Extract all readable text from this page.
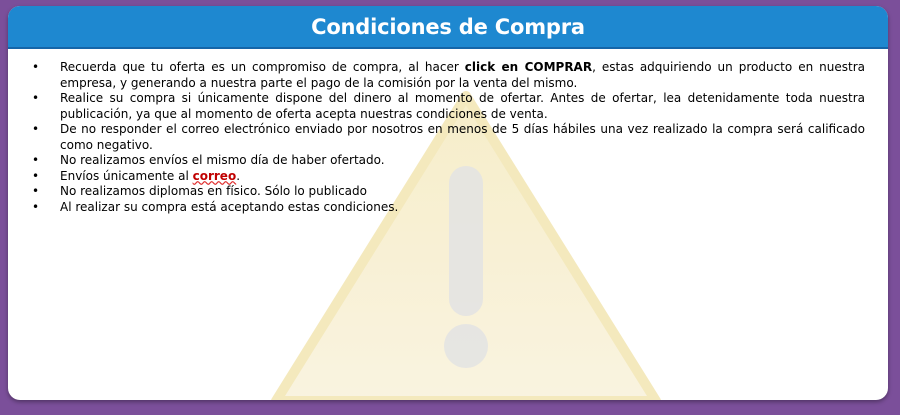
Condiciones de Compra
• Recuerda que tu oferta es un compromiso de compra, al hacer click en COMPRAR, estas adquiriendo un producto en nuestra empresa, y generando a nuestra parte el pago de la comisión por la venta del mismo.
• Realice su compra si únicamente dispone del dinero al momento de ofertar. Antes de ofertar, lea detenidamente toda nuestra publicación, ya que al momento de oferta acepta nuestras condiciones de venta.
• De no responder el correo electrónico enviado por nosotros en menos de 5 días hábiles una vez realizado la compra será calificado como negativo.
• No realizamos envíos el mismo día de haber ofertado.
• Envíos únicamente al correo.
• No realizamos diplomas en físico. Sólo lo publicado
• Al realizar su compra está aceptando estas condiciones.
